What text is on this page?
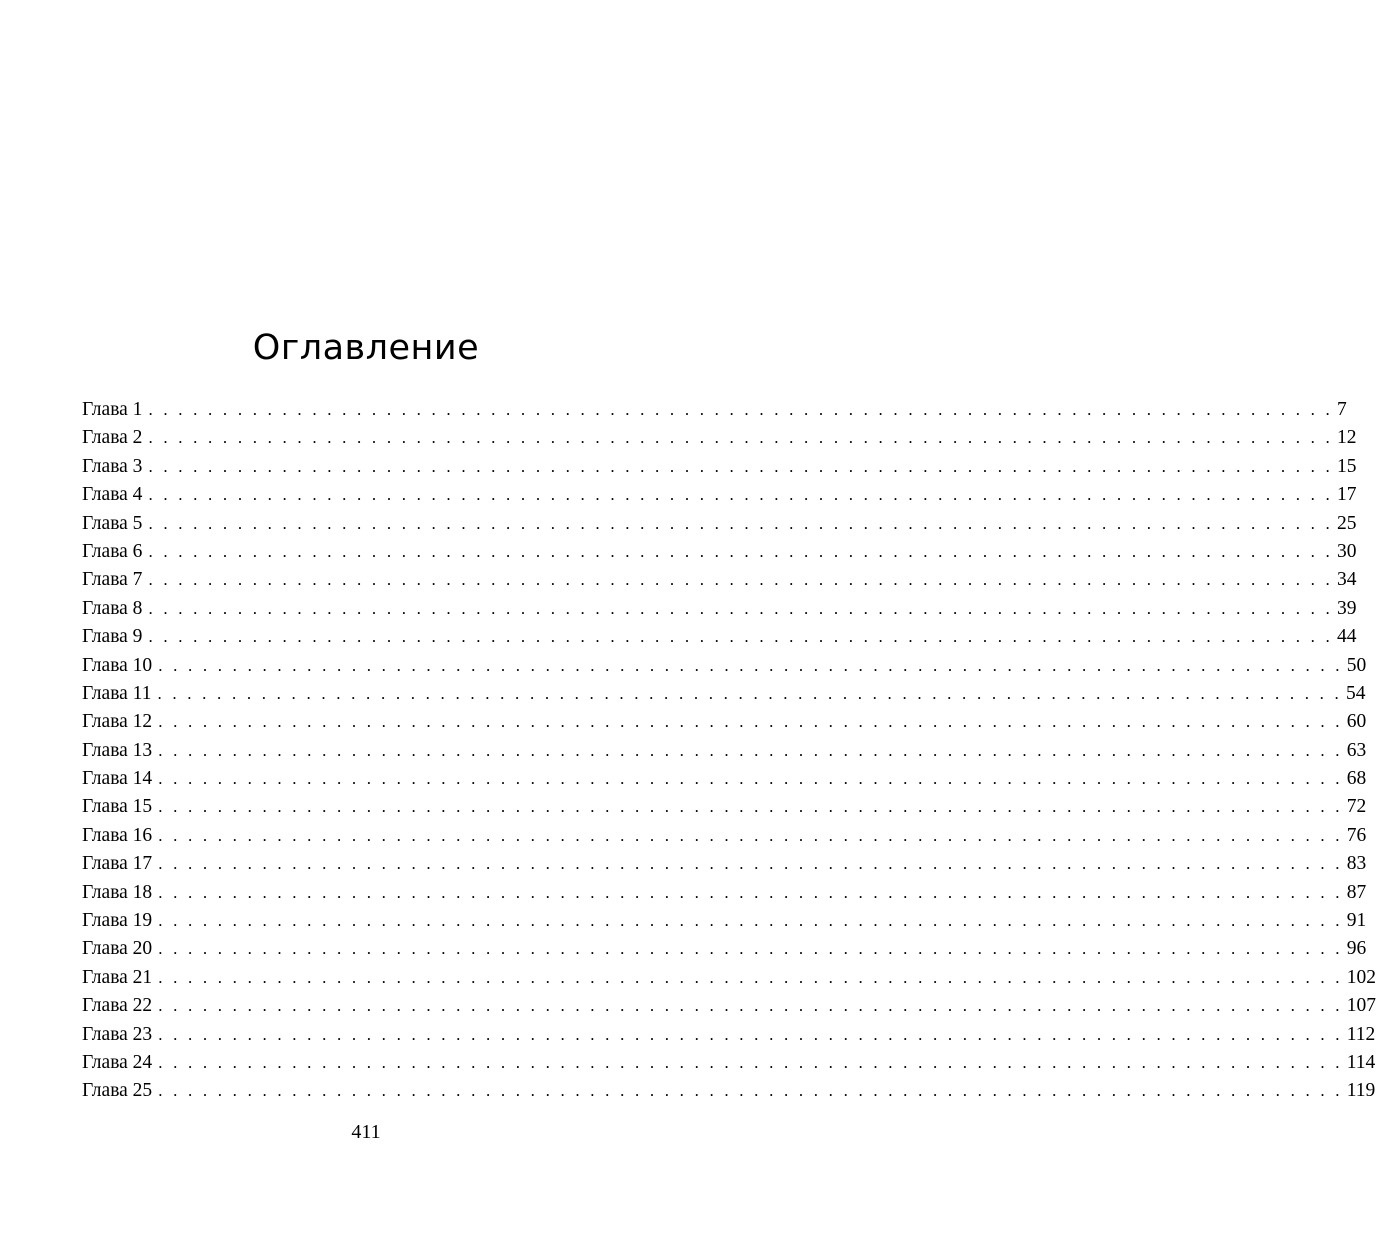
Оглавление
Глава 1 . . . . . . . . . . . . . . . . . . . . . . . . . . . . . . . . . . . . . . . . . . . . . . . . . . . . . . . . . . . . . . . . . . . . . . . . . . . . . . . . 7
Глава 2 . . . . . . . . . . . . . . . . . . . . . . . . . . . . . . . . . . . . . . . . . . . . . . . . . . . . . . . . . . . . . . . . . . . . . . . . . . . . . . . . 12
Глава 3 . . . . . . . . . . . . . . . . . . . . . . . . . . . . . . . . . . . . . . . . . . . . . . . . . . . . . . . . . . . . . . . . . . . . . . . . . . . . . . . . 15
Глава 4 . . . . . . . . . . . . . . . . . . . . . . . . . . . . . . . . . . . . . . . . . . . . . . . . . . . . . . . . . . . . . . . . . . . . . . . . . . . . . . . . 17
Глава 5 . . . . . . . . . . . . . . . . . . . . . . . . . . . . . . . . . . . . . . . . . . . . . . . . . . . . . . . . . . . . . . . . . . . . . . . . . . . . . . . . 25
Глава 6 . . . . . . . . . . . . . . . . . . . . . . . . . . . . . . . . . . . . . . . . . . . . . . . . . . . . . . . . . . . . . . . . . . . . . . . . . . . . . . . . 30
Глава 7 . . . . . . . . . . . . . . . . . . . . . . . . . . . . . . . . . . . . . . . . . . . . . . . . . . . . . . . . . . . . . . . . . . . . . . . . . . . . . . . . 34
Глава 8 . . . . . . . . . . . . . . . . . . . . . . . . . . . . . . . . . . . . . . . . . . . . . . . . . . . . . . . . . . . . . . . . . . . . . . . . . . . . . . . . 39
Глава 9 . . . . . . . . . . . . . . . . . . . . . . . . . . . . . . . . . . . . . . . . . . . . . . . . . . . . . . . . . . . . . . . . . . . . . . . . . . . . . . . . 44
Глава 10 . . . . . . . . . . . . . . . . . . . . . . . . . . . . . . . . . . . . . . . . . . . . . . . . . . . . . . . . . . . . . . . . . . . . . . . . . . . . . . . . 50
Глава 11 . . . . . . . . . . . . . . . . . . . . . . . . . . . . . . . . . . . . . . . . . . . . . . . . . . . . . . . . . . . . . . . . . . . . . . . . . . . . . . . . 54
Глава 12 . . . . . . . . . . . . . . . . . . . . . . . . . . . . . . . . . . . . . . . . . . . . . . . . . . . . . . . . . . . . . . . . . . . . . . . . . . . . . . . . 60
Глава 13 . . . . . . . . . . . . . . . . . . . . . . . . . . . . . . . . . . . . . . . . . . . . . . . . . . . . . . . . . . . . . . . . . . . . . . . . . . . . . . . . 63
Глава 14 . . . . . . . . . . . . . . . . . . . . . . . . . . . . . . . . . . . . . . . . . . . . . . . . . . . . . . . . . . . . . . . . . . . . . . . . . . . . . . . . 68
Глава 15 . . . . . . . . . . . . . . . . . . . . . . . . . . . . . . . . . . . . . . . . . . . . . . . . . . . . . . . . . . . . . . . . . . . . . . . . . . . . . . . . 72
Глава 16 . . . . . . . . . . . . . . . . . . . . . . . . . . . . . . . . . . . . . . . . . . . . . . . . . . . . . . . . . . . . . . . . . . . . . . . . . . . . . . . . 76
Глава 17 . . . . . . . . . . . . . . . . . . . . . . . . . . . . . . . . . . . . . . . . . . . . . . . . . . . . . . . . . . . . . . . . . . . . . . . . . . . . . . . . 83
Глава 18 . . . . . . . . . . . . . . . . . . . . . . . . . . . . . . . . . . . . . . . . . . . . . . . . . . . . . . . . . . . . . . . . . . . . . . . . . . . . . . . . 87
Глава 19 . . . . . . . . . . . . . . . . . . . . . . . . . . . . . . . . . . . . . . . . . . . . . . . . . . . . . . . . . . . . . . . . . . . . . . . . . . . . . . . . 91
Глава 20 . . . . . . . . . . . . . . . . . . . . . . . . . . . . . . . . . . . . . . . . . . . . . . . . . . . . . . . . . . . . . . . . . . . . . . . . . . . . . . . . 96
Глава 21 . . . . . . . . . . . . . . . . . . . . . . . . . . . . . . . . . . . . . . . . . . . . . . . . . . . . . . . . . . . . . . . . . . . . . . . . . . . . . . . . 102
Глава 22 . . . . . . . . . . . . . . . . . . . . . . . . . . . . . . . . . . . . . . . . . . . . . . . . . . . . . . . . . . . . . . . . . . . . . . . . . . . . . . . . 107
Глава 23 . . . . . . . . . . . . . . . . . . . . . . . . . . . . . . . . . . . . . . . . . . . . . . . . . . . . . . . . . . . . . . . . . . . . . . . . . . . . . . . . 112
Глава 24 . . . . . . . . . . . . . . . . . . . . . . . . . . . . . . . . . . . . . . . . . . . . . . . . . . . . . . . . . . . . . . . . . . . . . . . . . . . . . . . . 114
Глава 25 . . . . . . . . . . . . . . . . . . . . . . . . . . . . . . . . . . . . . . . . . . . . . . . . . . . . . . . . . . . . . . . . . . . . . . . . . . . . . . . . 119
411
